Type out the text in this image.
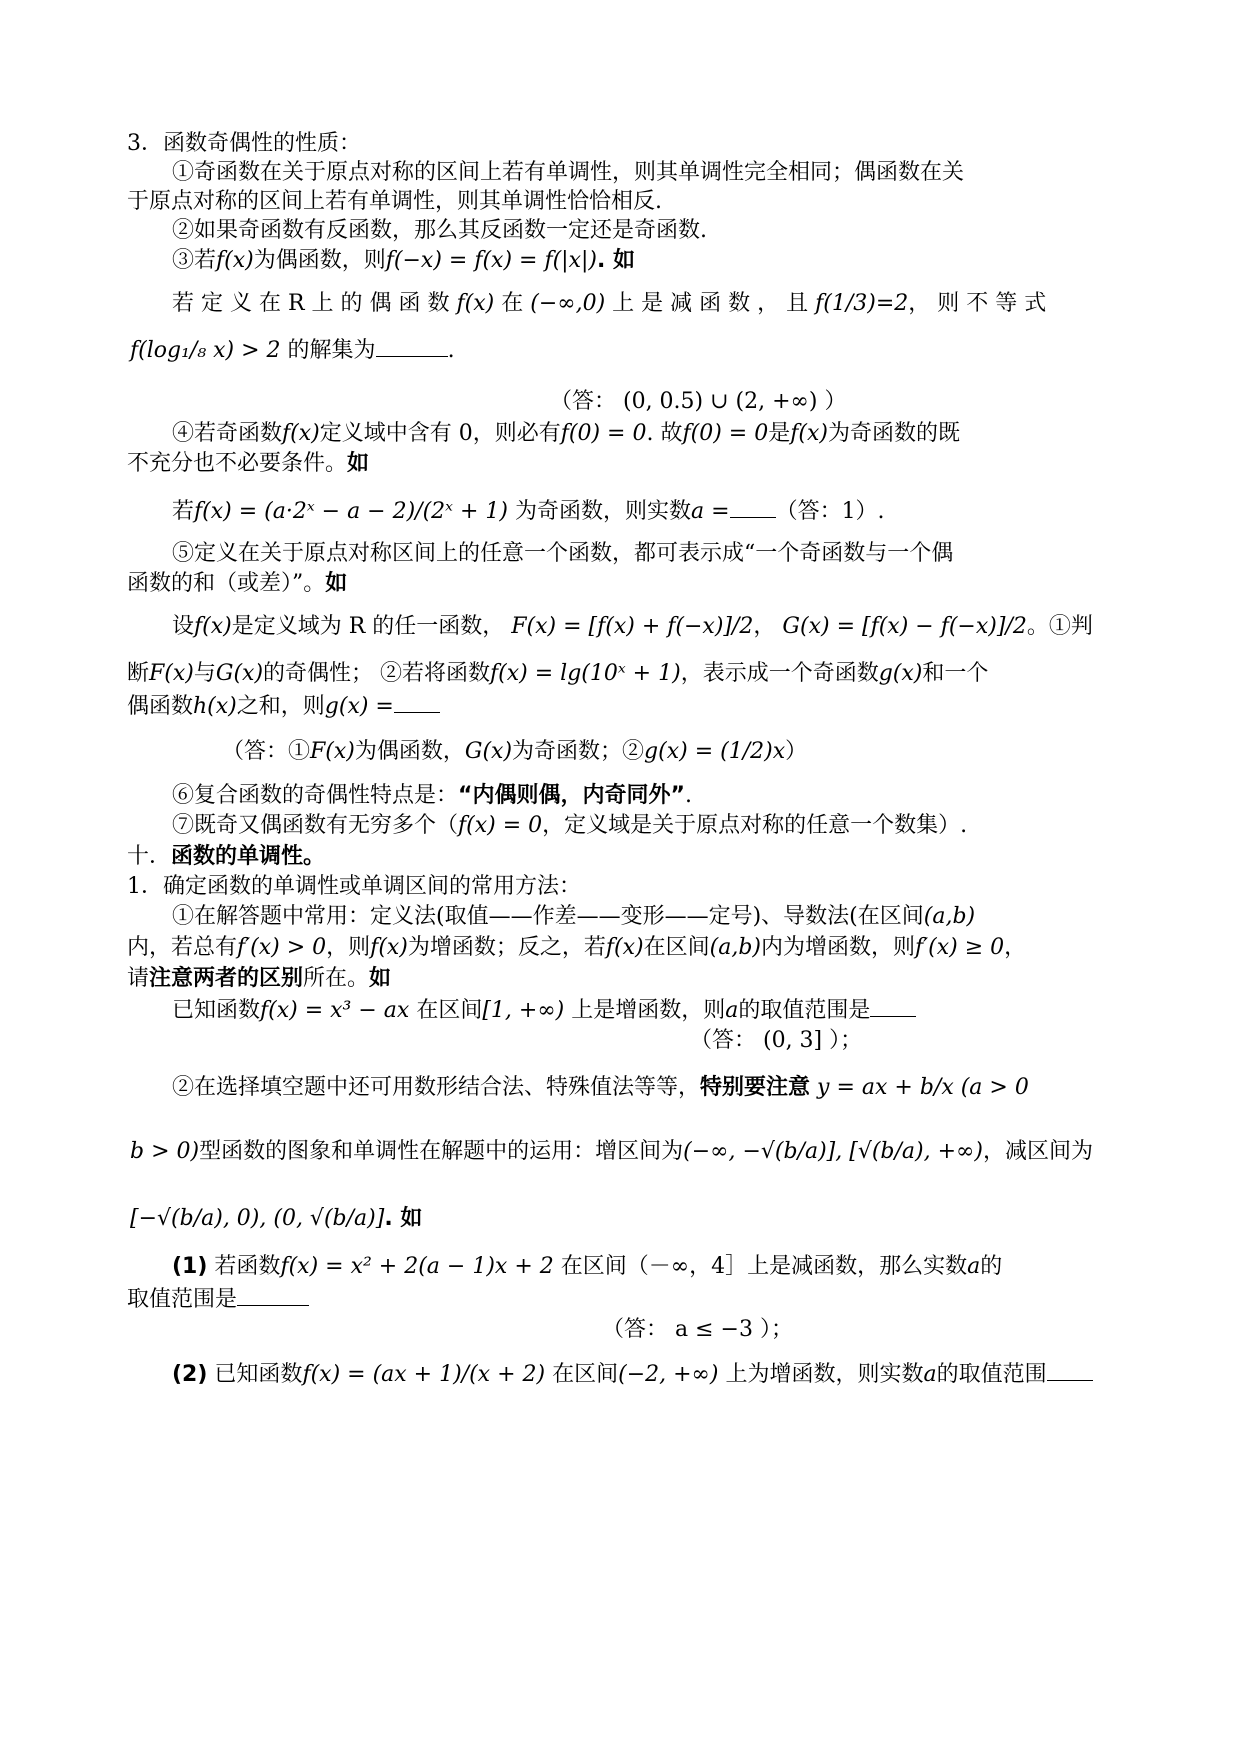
3．函数奇偶性的性质：
①奇函数在关于原点对称的区间上若有单调性，则其单调性完全相同；偶函数在关
于原点对称的区间上若有单调性，则其单调性恰恰相反.
②如果奇函数有反函数，那么其反函数一定还是奇函数.
③若f(x)为偶函数，则f(−x) = f(x) = f(|x|). 如
若 定 义 在 R 上 的 偶 函 数 f(x) 在 (−∞,0) 上 是 减 函 数 ， 且 f(1/3)=2， 则 不 等 式
f(log₁/₈ x) > 2 的解集为	.
（答： (0, 0.5) ∪ (2, +∞) ）
④若奇函数f(x)定义域中含有 0，则必有f(0) = 0. 故f(0) = 0是f(x)为奇函数的既
不充分也不必要条件。如
若f(x) = (a·2ˣ − a − 2)/(2ˣ + 1) 为奇函数，则实数a = （答：1）.
⑤定义在关于原点对称区间上的任意一个函数，都可表示成“一个奇函数与一个偶
函数的和（或差）”。如
设f(x)是定义域为 R 的任一函数， F(x) = [f(x) + f(−x)]/2， G(x) = [f(x) − f(−x)]/2。①判
断F(x)与G(x)的奇偶性； ②若将函数f(x) = lg(10ˣ + 1)，表示成一个奇函数g(x)和一个
偶函数h(x)之和，则g(x) =
（答：①F(x)为偶函数，G(x)为奇函数；②g(x) = (1/2)x）
⑥复合函数的奇偶性特点是：“内偶则偶，内奇同外”.
⑦既奇又偶函数有无穷多个（f(x) = 0，定义域是关于原点对称的任意一个数集）.
十．函数的单调性。
1．确定函数的单调性或单调区间的常用方法：
①在解答题中常用：定义法(取值——作差——变形——定号)、导数法(在区间(a,b)
内，若总有f′(x) > 0，则f(x)为增函数；反之，若f(x)在区间(a,b)内为增函数，则f′(x) ≥ 0，
请注意两者的区别所在。如
已知函数f(x) = x³ − ax 在区间[1, +∞) 上是增函数，则a的取值范围是
（答： (0, 3] ）；
②在选择填空题中还可用数形结合法、特殊值法等等，特别要注意 y = ax + b/x (a > 0
b > 0)型函数的图象和单调性在解题中的运用：增区间为(−∞, −√(b/a)], [√(b/a), +∞)，减区间为
[−√(b/a), 0), (0, √(b/a)]. 如
(1) 若函数f(x) = x² + 2(a − 1)x + 2 在区间（－∞，4］上是减函数，那么实数a的
取值范围是
（答： a ≤ −3 ）；
(2) 已知函数f(x) = (ax + 1)/(x + 2) 在区间(−2, +∞) 上为增函数，则实数a的取值范围
